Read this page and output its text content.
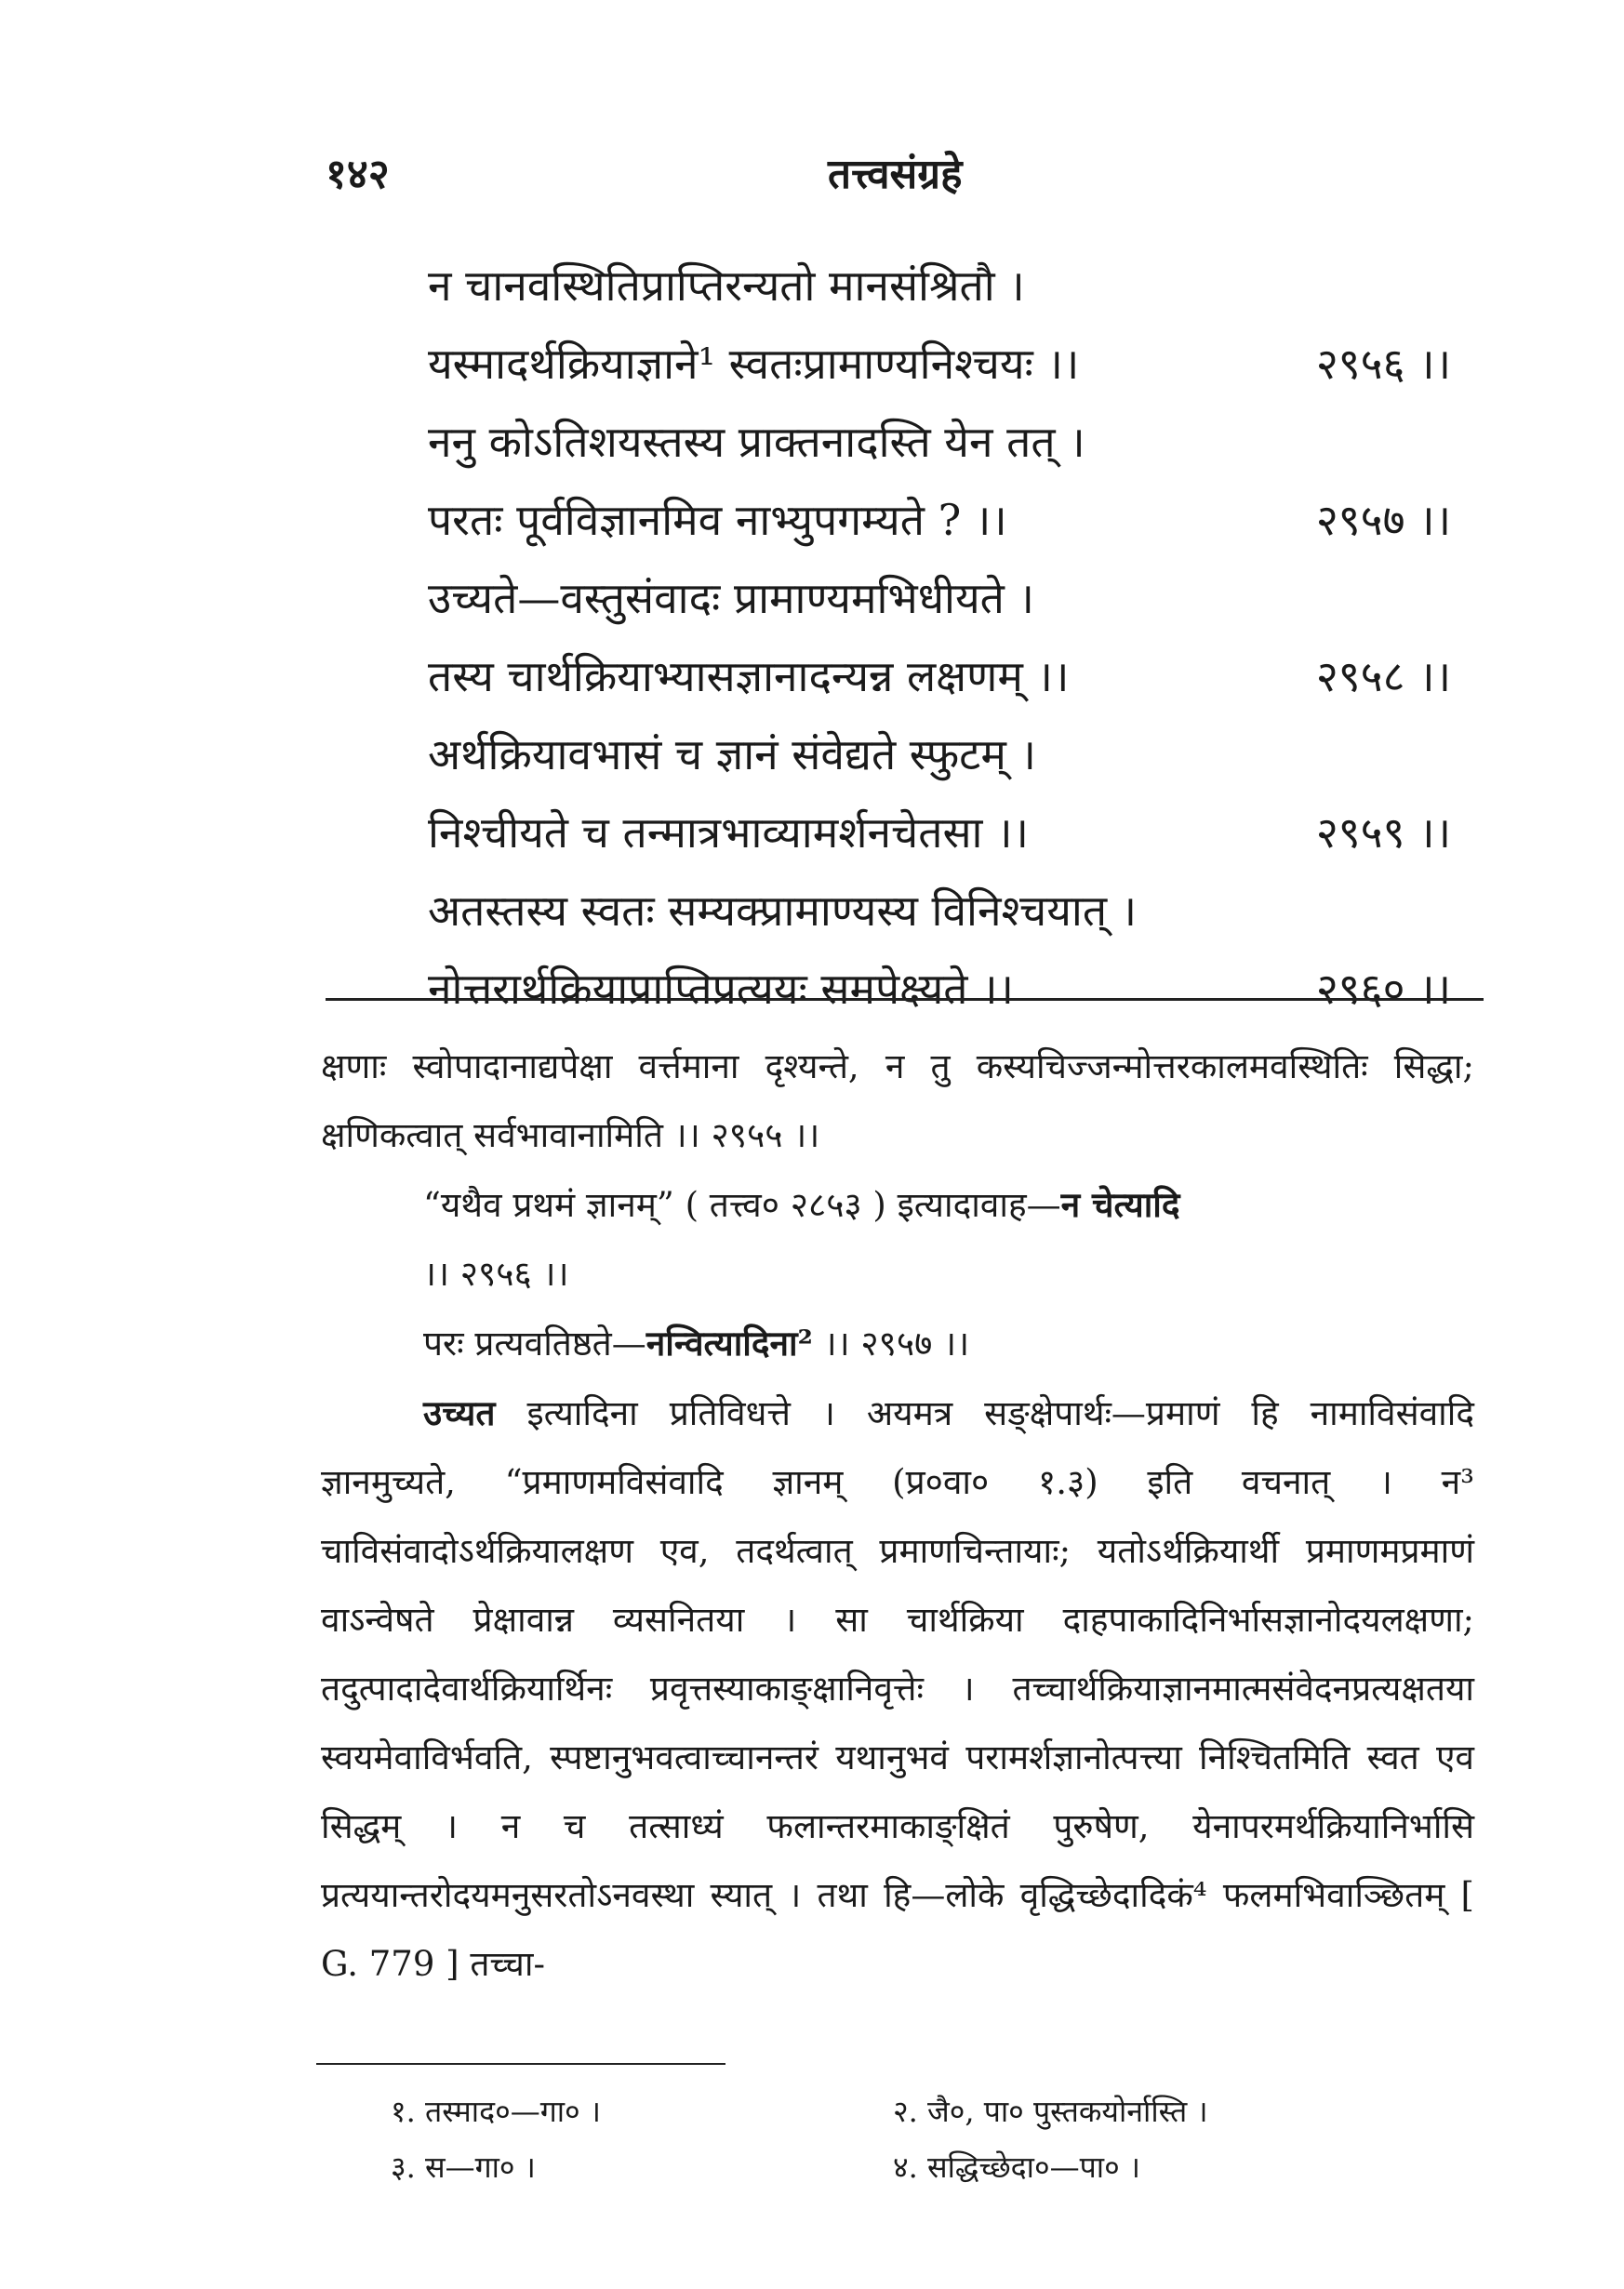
१४२	तत्त्वसंग्रहे
न चानवस्थितिप्राप्तिरन्यतो मानसंश्रितौ ।
यस्मादर्थक्रियाज्ञाने¹ स्वतःप्रामाण्यनिश्चयः ।।	२९५६ ।।
ननु कोऽतिशयस्तस्य प्राक्तनादस्ति येन तत् ।
परतः पूर्वविज्ञानमिव नाभ्युपगम्यते ? ।।	२९५७ ।।
उच्यते—वस्तुसंवादः प्रामाण्यमभिधीयते ।
तस्य चार्थक्रियाभ्यासज्ञानादन्यन्न लक्षणम् ।।	२९५८ ।।
अर्थक्रियावभासं च ज्ञानं संवेद्यते स्फुटम् ।
निश्चीयते च तन्मात्रभाव्यामर्शनचेतसा ।।	२९५९ ।।
अतस्तस्य स्वतः सम्यक्प्रामाण्यस्य विनिश्चयात् ।
नोत्तरार्थक्रियाप्राप्तिप्रत्ययः समपेक्ष्यते ।।	२९६० ।।

क्षणाः स्वोपादानाद्यपेक्षा वर्त्तमाना दृश्यन्ते, न तु कस्यचिज्जन्मोत्तरकालमवस्थितिः सिद्धा; क्षणिकत्वात् सर्वभावानामिति ।। २९५५ ।।

“यथैव प्रथमं ज्ञानम्” ( तत्त्व० २८५३ ) इत्यादावाह—न चेत्यादि
।। २९५६ ।।

परः प्रत्यवतिष्ठते—नन्वित्यादिना² ।। २९५७ ।।

उच्यत इत्यादिना प्रतिविधत्ते । अयमत्र सङ्क्षेपार्थः—प्रमाणं हि नामाविसंवादि ज्ञानमुच्यते, “प्रमाणमविसंवादि ज्ञानम् (प्र०वा० १.३) इति वचनात् । न³ चाविसंवादोऽर्थक्रियालक्षण एव, तदर्थत्वात् प्रमाणचिन्तायाः; यतोऽर्थक्रियार्थी प्रमाणमप्रमाणं वाऽन्वेषते प्रेक्षावान्न व्यसनितया । सा चार्थक्रिया दाहपाकादिनिर्भासज्ञानोदयलक्षणा; तदुत्पादादेवार्थक्रियार्थिनः प्रवृत्तस्याकाङ्क्षानिवृत्तेः । तच्चार्थक्रियाज्ञानमात्मसंवेदनप्रत्यक्षतया स्वयमेवाविर्भवति, स्पष्टानुभवत्वाच्चानन्तरं यथानुभवं परामर्शज्ञानोत्पत्त्या निश्चितमिति स्वत एव सिद्धम् । न च तत्साध्यं फलान्तरमाकाङ्क्षितं पुरुषेण, येनापरमर्थक्रियानिर्भासि प्रत्ययान्तरोदयमनुसरतोऽनवस्था स्यात् । तथा हि—लोके वृद्धिच्छेदादिकं⁴ फलमभिवाञ्छितम् [ G. 779 ] तच्चा-

१. तस्माद०—गा० ।	२. जै०, पा० पुस्तकयोर्नास्ति ।
३. स—गा० ।	४. सद्धिच्छेदा०—पा० ।
